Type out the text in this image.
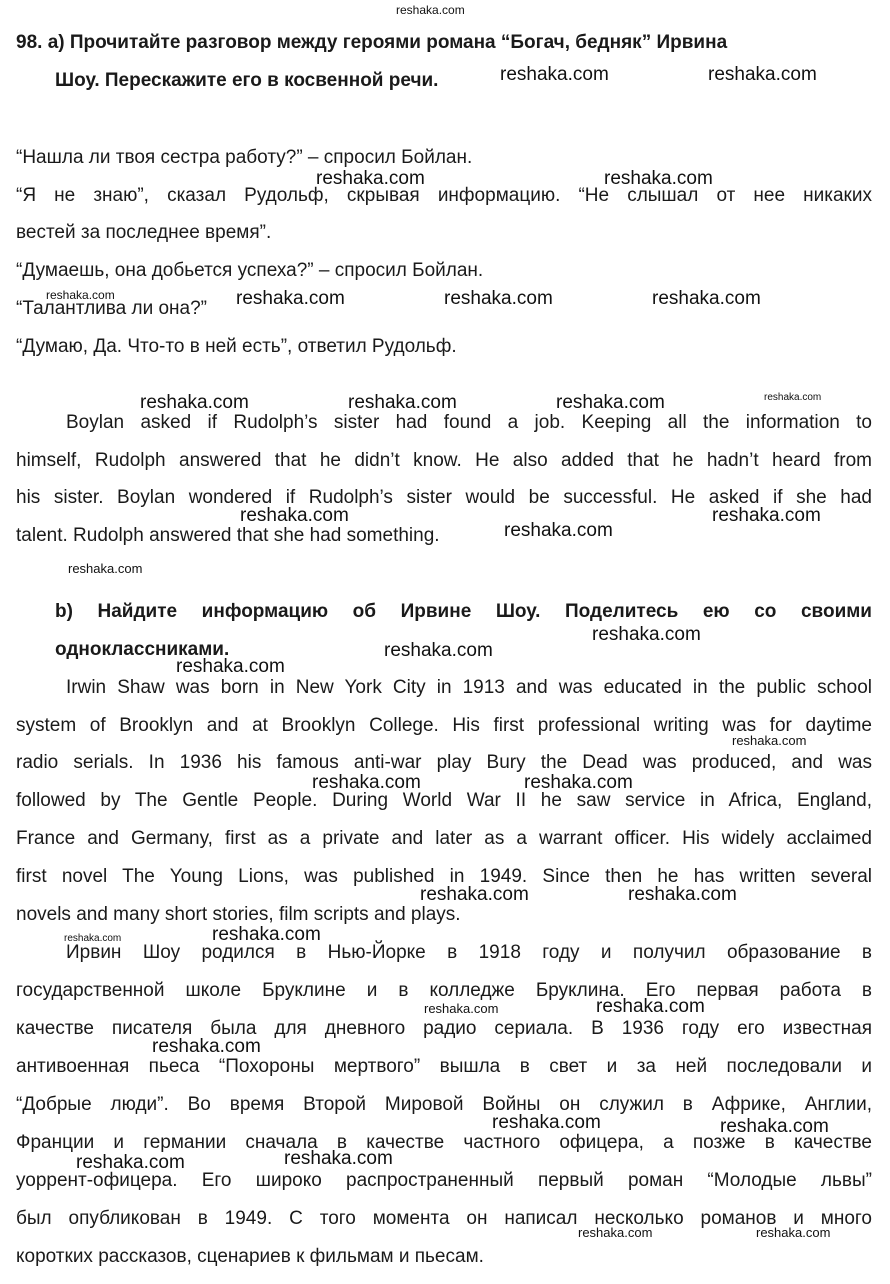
98. a) Прочитайте разговор между героями романа “Богач, бедняк” Ирвина
Шоу. Перескажите его в косвенной речи.
“Нашла ли твоя сестра работу?” – спросил Бойлан.
“Я не знаю”, сказал Рудольф, скрывая информацию. “Не слышал от нее никаких
вестей за последнее время”.
“Думаешь, она добьется успеха?” – спросил Бойлан.
“Талантлива ли она?”
“Думаю, Да. Что-то в ней есть”, ответил Рудольф.
Boylan asked if Rudolph’s sister had found a job. Keeping all the information to
himself, Rudolph answered that he didn’t know. He also added that he hadn’t heard from
his sister. Boylan wondered if Rudolph’s sister would be successful. He asked if she had
talent. Rudolph answered that she had something.
b) Найдите информацию об Ирвине Шоу. Поделитесь ею со своими
одноклассниками.
Irwin Shaw was born in New York City in 1913 and was educated in the public school
system of Brooklyn and at Brooklyn College. His first professional writing was for daytime
radio serials. In 1936 his famous anti-war play Bury the Dead was produced, and was
followed by The Gentle People. During World War II he saw service in Africa, England,
France and Germany, first as a private and later as a warrant officer. His widely acclaimed
first novel The Young Lions, was published in 1949. Since then he has written several
novels and many short stories, film scripts and plays.
Ирвин Шоу родился в Нью-Йорке в 1918 году и получил образование в
государственной школе Бруклине и в колледже Бруклина. Его первая работа в
качестве писателя была для дневного радио сериала. В 1936 году его известная
антивоенная пьеса “Похороны мертвого” вышла в свет и за ней последовали и
“Добрые люди”. Во время Второй Мировой Войны он служил в Африке, Англии,
Франции и германии сначала в качестве частного офицера, а позже в качестве
уоррент-офицера. Его широко распространенный первый роман “Молодые львы”
был опубликован в 1949. С того момента он написал несколько романов и много
коротких рассказов, сценариев к фильмам и пьесам.
reshaka.com
reshaka.com	reshaka.com
reshaka.com	reshaka.com
reshaka.com	reshaka.com	reshaka.com	reshaka.com
reshaka.com	reshaka.com	reshaka.com	reshaka.com
reshaka.com
reshaka.com
reshaka.com
reshaka.com
reshaka.com
reshaka.com
reshaka.com
reshaka.com
reshaka.com	reshaka.com
reshaka.com	reshaka.com
reshaka.com	reshaka.com
reshaka.com	reshaka.com
reshaka.com
reshaka.com	reshaka.com
reshaka.com	reshaka.com
reshaka.com	reshaka.com
